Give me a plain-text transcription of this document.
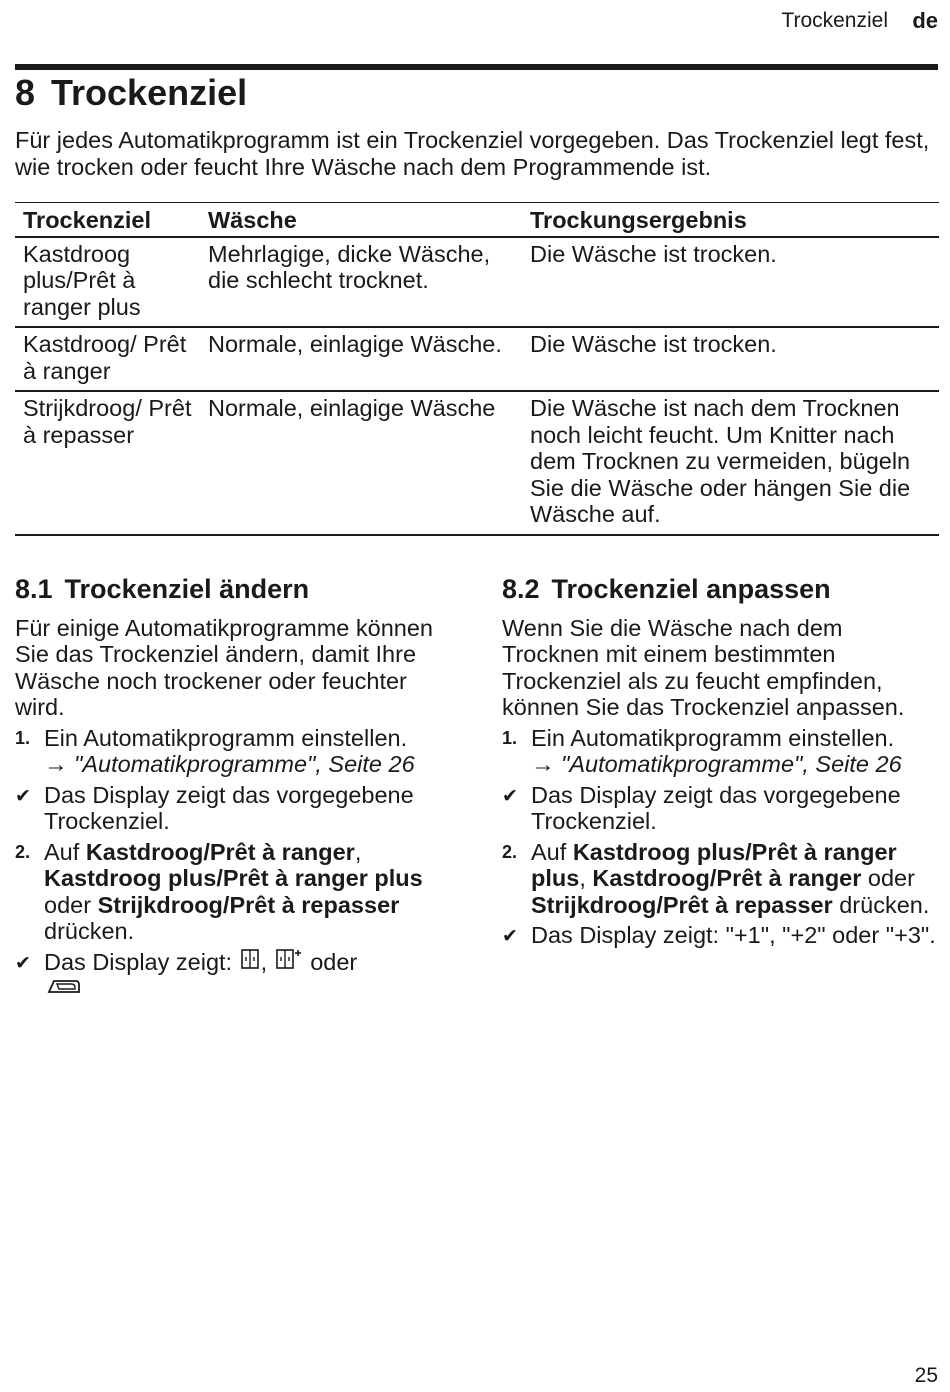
Trockenziel de
8 Trockenziel

Für jedes Automatikprogramm ist ein Trockenziel vorgegeben. Das Trockenziel legt fest, wie trocken oder feucht Ihre Wäsche nach dem Programmende ist.

Trockenziel	Wäsche	Trockungsergebnis
Kastdroog plus/Prêt à ranger plus	Mehrlagige, dicke Wäsche, die schlecht trocknet.	Die Wäsche ist trocken.
Kastdroog/ Prêt à ranger	Normale, einlagige Wäsche.	Die Wäsche ist trocken.
Strijkdroog/ Prêt à repasser	Normale, einlagige Wäsche	Die Wäsche ist nach dem Trocknen noch leicht feucht. Um Knitter nach dem Trocknen zu vermeiden, bügeln Sie die Wäsche oder hängen Sie die Wäsche auf.
8.1 Trockenziel ändern

Für einige Automatikprogramme können Sie das Trockenziel ändern, damit Ihre Wäsche noch trockener oder feuchter wird.

1. Ein Automatikprogramm einstellen.
→ "Automatikprogramme", Seite 26
✔ Das Display zeigt das vorgegebene Trockenziel.
2. Auf Kastdroog/Prêt à ranger, Kastdroog plus/Prêt à ranger plus oder Strijkdroog/Prêt à repasser drücken.
✔ Das Display zeigt: , oder

8.2 Trockenziel anpassen

Wenn Sie die Wäsche nach dem Trocknen mit einem bestimmten Trockenziel als zu feucht empfinden, können Sie das Trockenziel anpassen.

1. Ein Automatikprogramm einstellen.
→ "Automatikprogramme", Seite 26
✔ Das Display zeigt das vorgegebene Trockenziel.
2. Auf Kastdroog plus/Prêt à ranger plus, Kastdroog/Prêt à ranger oder Strijkdroog/Prêt à repasser drücken.
✔ Das Display zeigt: "+1", "+2" oder "+3".
25
